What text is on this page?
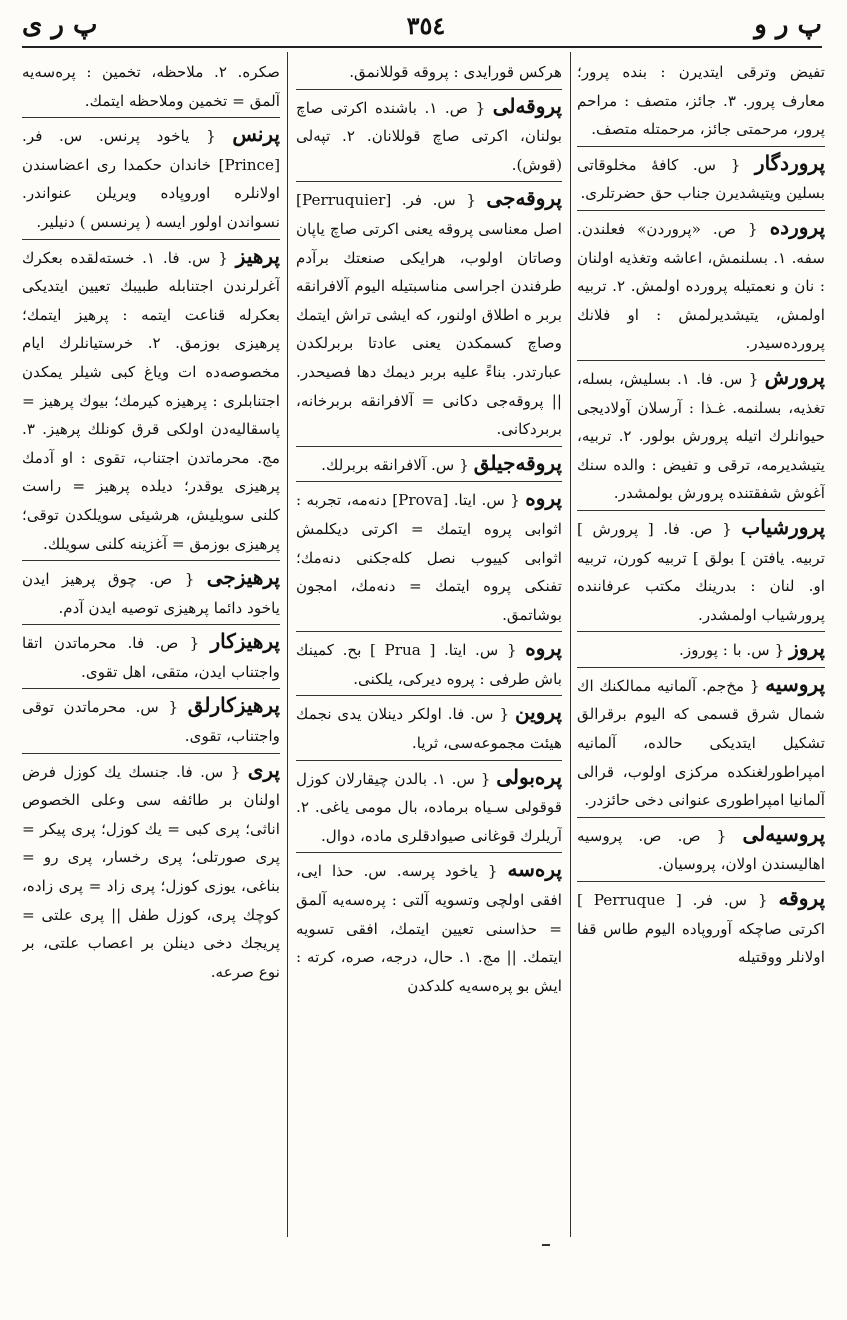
پ ر و
٣٥٤
پ ر ی

تفیض وترقی ایتدیرن : بنده پرور؛ معارف پرور. ٣. جائز، متصف : مراحم پرور، مرحمتی جائز، مرحمتله متصف.

پروردگار { س. کافهٔ مخلوقاتی بسلین ویتیشدیرن جناب حق حضرتلری.

پرورده { ص. «پروردن» فعلندن. سفه. ١. بسلنمش، اعاشه وتغذیه اولنان : نان و نعمتیله پرورده اولمش. ٢. تربیه اولمش، یتیشدیرلمش : او فلانك پرورده‌سیدر.

پرورش { س. فا. ١. بسلیش، بسله، تغذیه، بسلنمه. غـذا : آرسلان آولادیجی حیوانلرك اتیله پرورش بولور. ٢. تربیه، یتیشدیرمه، ترقی و تفیض : والده سنك آغوش شفقتنده پرورش بولمشدر.

پرورشیاب { ص. فا. [ پرورش ] تربیه. یافتن ] بولق ] تربیه کورن، تربیه او. لنان : بدرینك مکتب عرفاننده پرورشیاب اولمشدر.

پروز { س. با : پوروز.

پروسیه { مخ‌جم. آلمانیه ممالکنك اك شمال شرق قسمی که الیوم برقرالق تشکیل ایتدیکی حالده، آلمانیه امپراطورلغنکده مرکزی اولوب، قرالی آلمانیا امپراطوری عنوانی دخی حائزدر.

پروسیه‌لی { ص. ص. پروسیه اهالیسندن اولان، پروسیان.

پروقه { س. فر. [ Perruque ] اکرتی صاچکه آوروپاده الیوم طاس قفا اولانلر ووقتیله

هرکس قورایدی : پروقه قوللانمق.

پروقه‌لی { ص. ١. باشنده اکرتی صاچ بولنان، اکرتی صاچ قوللانان. ٢. تپه‌لی (قوش).

پروقه‌جی { س. فر. [Perruquier] اصل معناسی پروقه یعنی اکرتی صاچ یاپان وصاتان اولوب، هرایکی صنعتك برآدم طرفندن اجراسی مناسبتیله الیوم آلافرانقه بربر ه اطلاق اولنور، که ایشی تراش ایتمك وصاچ کسمکدن یعنی عادتا بربرلکدن عبارتدر. بناءً علیه بربر دیمك دها فصیحدر. || پروقه‌جی دکانی = آلافرانقه بربرخانه، بربردکانی.

پروقه‌جیلق { س. آلافرانقه بربرلك.

پروه { س. ایتا. [Prova] دنه‌مه، تجربه : اثوابی پروه ایتمك = اکرتی دیکلمش اثوابی کییوب نصل کله‌جکنی دنه‌مك؛ تفنکی پروه ایتمك = دنه‌مك، امجون بوشاتمق.

پروه { س. ایتا. [ Prua ] بح. کمینك باش طرفی : پروه دیرکی، یلکنی.

پروین { س. فا. اولکر دینلان یدی نجمك هیئت مجموعه‌سی، ثریا.

پره‌بولی { س. ١. بالدن چیقارلان کوزل قوقولی سـیاه برماده، بال مومی یاغی. ٢. آریلرك قوغانی صیوادقلری ماده، دوال.

پره‌سه { یاخود پرسه. س. حذا ایی، افقی اولچی وتسویه آلتی : پره‌سه‌یه آلمق = حذاسنی تعیین ایتمك، افقی تسویه ایتمك. || مج. ١. حال، درجه، صره، کرته : ایش بو پره‌سه‌یه کلدکدن

صکره. ٢. ملاحظه، تخمین : پره‌سه‌یه آلمق = تخمین وملاحظه ایتمك.

پرنس { یاخود پرنس. س. فر. [Prince] خاندان حکمدا ری اعضاسندن اولانلره اوروپاده ویریلن عنواندر. نسواندن اولور ایسه ( پرنسس ) دنیلیر.

پرهیز { س. فا. ١. خسته‌لقده بعکرك آغرلرندن اجتنابله طبیبك تعیین ایتدیکی بعکرله قناعت ایتمه : پرهیز ایتمك؛ پرهیزی بوزمق. ٢. خرستیانلرك ایام مخصوصه‌ده ات ویاغ کبی شیلر یمکدن اجتنابلری : پرهیزه کیرمك؛ بیوك پرهیز = پاسقالیه‌دن اولکی قرق کونلك پرهیز. ٣. مج. محرماتدن اجتناب، تقوی : او آدمك پرهیزی یوقدر؛ دیلده پرهیز = راست کلنی سویلیش، هرشیئی سویلکدن توقی؛ پرهیزی بوزمق = آغزینه کلنی سویلك.

پرهیزجی { ص. چوق پرهیز ایدن یاخود دائما پرهیزی توصیه ایدن آدم.

پرهیزکار { ص. فا. محرماتدن اتقا واجتناب ایدن، متقی، اهل تقوی.

پرهیزکارلق { س. محرماتدن توقی واجتناب، تقوی.

پری { س. فا. جنسك یك کوزل فرض اولنان بر طائفه سی وعلی الخصوص اناثی؛ پری کبی = یك کوزل؛ پری پیکر = پری صورتلی؛ پری رخسار، پری رو = بناغی، یوزی کوزل؛ پری زاد = پری زاده، کوچك پری، کوزل طفل || پری علتی = پریجك دخی دینلن بر اعصاب علتی، بر نوع صرعه.
